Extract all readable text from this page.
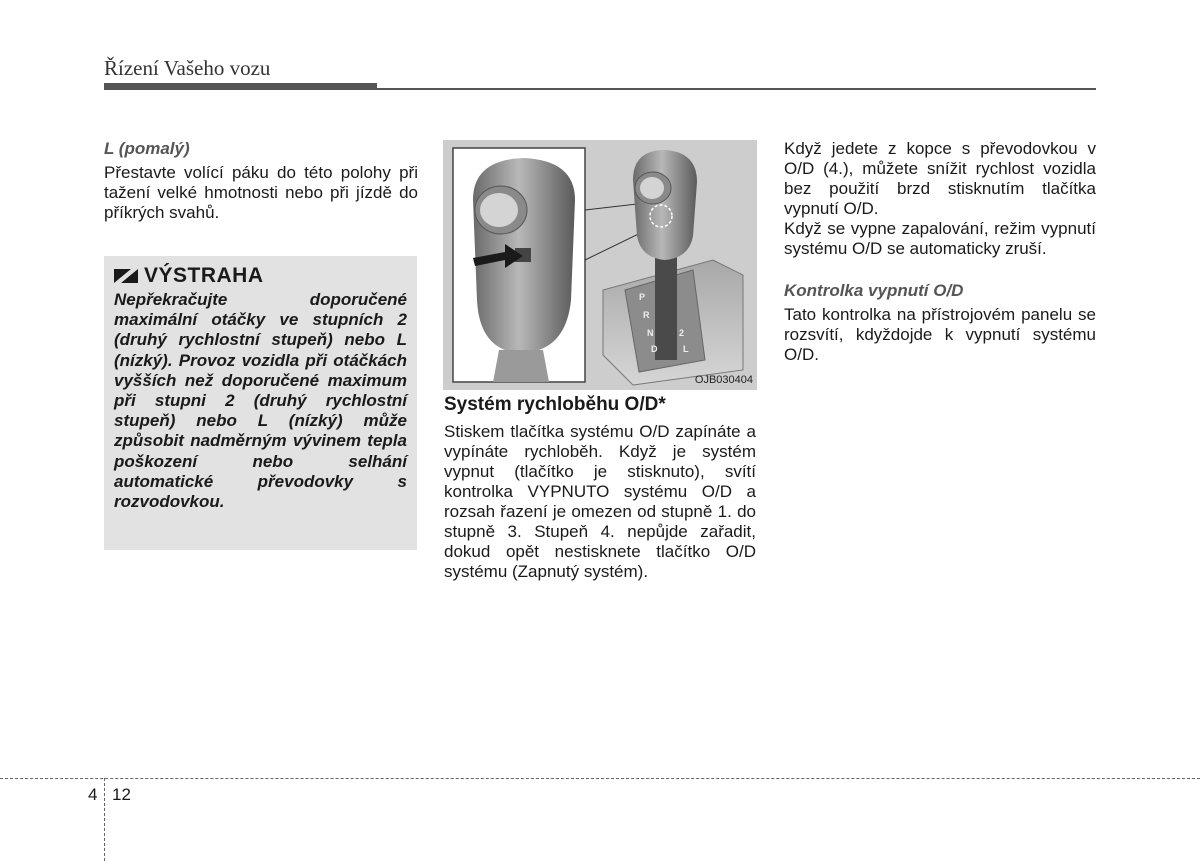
Řízení Vašeho vozu
L (pomalý)

Přestavte volící páku do této polohy při tažení velké hmotnosti nebo při jízdě do příkrých svahů.

VÝSTRAHA

Nepřekračujte doporučené maximální otáčky ve stupních 2 (druhý rychlostní stupeň) nebo L (nízký). Provoz vozidla při otáčkách vyšších než doporučené maximum při stupni 2 (druhý rychlostní stupeň) nebo L (nízký) může způsobit nadměrným vývinem tepla poškození nebo selhání automatické převodovky s rozvodovkou.

P
R
N
D
2
L
OJB030404
Systém rychloběhu O/D*

Stiskem tlačítka systému O/D zapínáte a vypínáte rychloběh. Když je systém vypnut (tlačítko je stisknuto), svítí kontrolka VYPNUTO systému O/D a rozsah řazení je omezen od stupně 1. do stupně 3. Stupeň 4. nepůjde zařadit, dokud opět nestisknete tlačítko O/D systému (Zapnutý systém).

Když jedete z kopce s převodovkou v O/D (4.), můžete snížit rychlost vozidla bez použití brzd stisknutím tlačítka vypnutí O/D.

Když se vypne zapalování, režim vypnutí systému O/D se automaticky zruší.

Kontrolka vypnutí O/D

Tato kontrolka na přístrojovém panelu se rozsvítí, kdyždojde k vypnutí systému O/D.

4 12
